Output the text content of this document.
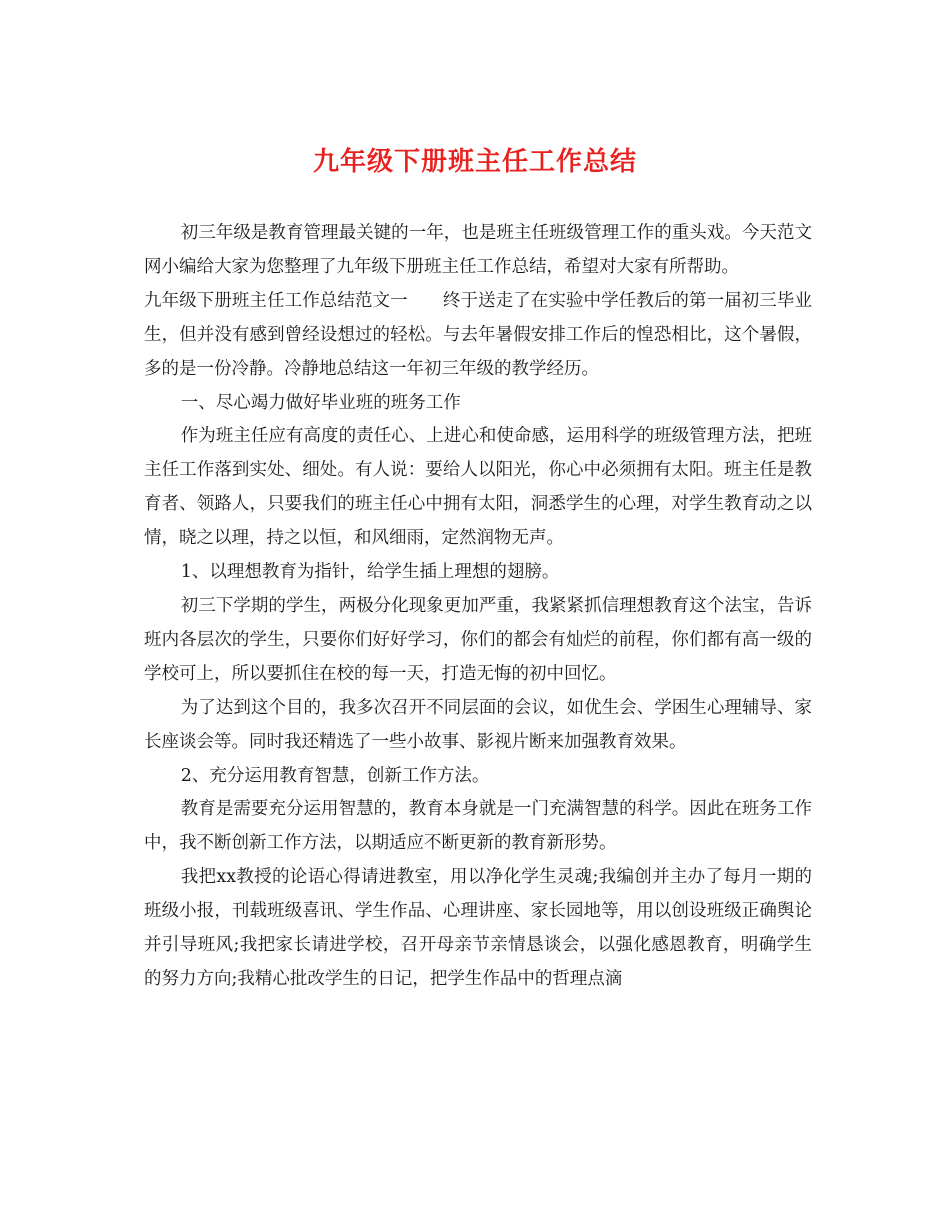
九年级下册班主任工作总结

初三年级是教育管理最关键的一年，也是班主任班级管理工作的重头戏。今天范文网小编给大家为您整理了九年级下册班主任工作总结，希望对大家有所帮助。

九年级下册班主任工作总结范文一　　终于送走了在实验中学任教后的第一届初三毕业生，但并没有感到曾经设想过的轻松。与去年暑假安排工作后的惶恐相比，这个暑假，多的是一份冷静。冷静地总结这一年初三年级的教学经历。

一、尽心竭力做好毕业班的班务工作

作为班主任应有高度的责任心、上进心和使命感，运用科学的班级管理方法，把班主任工作落到实处、细处。有人说：要给人以阳光，你心中必须拥有太阳。班主任是教育者、领路人，只要我们的班主任心中拥有太阳，洞悉学生的心理，对学生教育动之以情，晓之以理，持之以恒，和风细雨，定然润物无声。

1、以理想教育为指针，给学生插上理想的翅膀。

初三下学期的学生，两极分化现象更加严重，我紧紧抓信理想教育这个法宝，告诉班内各层次的学生，只要你们好好学习，你们的都会有灿烂的前程，你们都有高一级的学校可上，所以要抓住在校的每一天，打造无悔的初中回忆。

为了达到这个目的，我多次召开不同层面的会议，如优生会、学困生心理辅导、家长座谈会等。同时我还精选了一些小故事、影视片断来加强教育效果。

2、充分运用教育智慧，创新工作方法。

教育是需要充分运用智慧的，教育本身就是一门充满智慧的科学。因此在班务工作中，我不断创新工作方法，以期适应不断更新的教育新形势。

我把xx教授的论语心得请进教室，用以净化学生灵魂;我编创并主办了每月一期的班级小报，刊载班级喜讯、学生作品、心理讲座、家长园地等，用以创设班级正确舆论并引导班风;我把家长请进学校，召开母亲节亲情恳谈会，以强化感恩教育，明确学生的努力方向;我精心批改学生的日记，把学生作品中的哲理点滴
